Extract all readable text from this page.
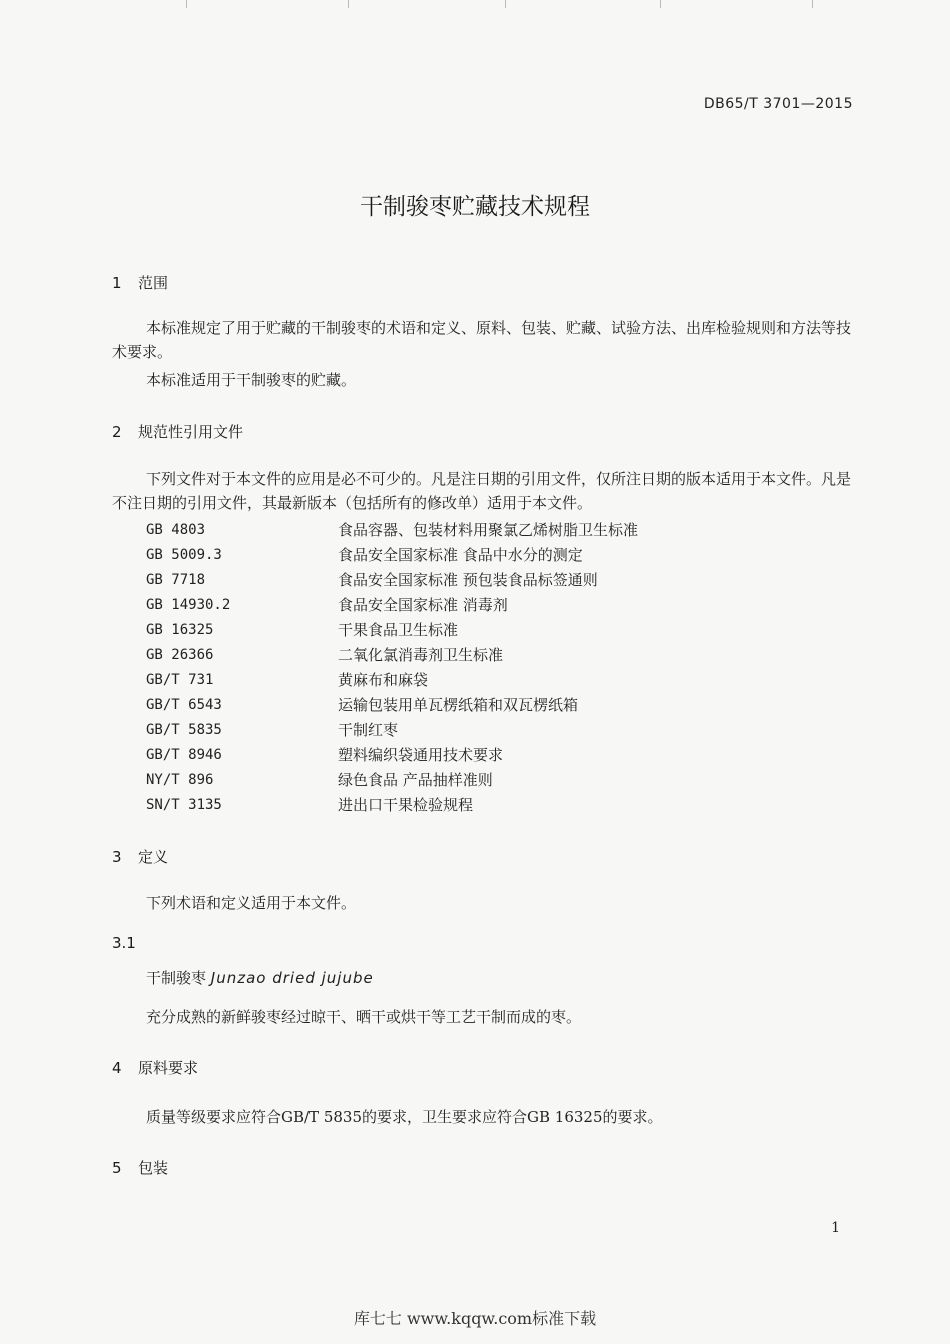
DB65/T 3701—2015
干制骏枣贮藏技术规程
1 范围

本标准规定了用于贮藏的干制骏枣的术语和定义、原料、包装、贮藏、试验方法、出库检验规则和方法等技术要求。

本标准适用于干制骏枣的贮藏。

2 规范性引用文件

下列文件对于本文件的应用是必不可少的。凡是注日期的引用文件，仅所注日期的版本适用于本文件。凡是不注日期的引用文件，其最新版本（包括所有的修改单）适用于本文件。

GB 4803	食品容器、包装材料用聚氯乙烯树脂卫生标准
GB 5009.3	食品安全国家标准 食品中水分的测定
GB 7718	食品安全国家标准 预包装食品标签通则
GB 14930.2	食品安全国家标准 消毒剂
GB 16325	干果食品卫生标准
GB 26366	二氧化氯消毒剂卫生标准
GB/T 731	黄麻布和麻袋
GB/T 6543	运输包装用单瓦楞纸箱和双瓦楞纸箱
GB/T 5835	干制红枣
GB/T 8946	塑料编织袋通用技术要求
NY/T 896	绿色食品 产品抽样准则
SN/T 3135	进出口干果检验规程
3 定义

下列术语和定义适用于本文件。

3.1
干制骏枣 Junzao dried jujube

充分成熟的新鲜骏枣经过晾干、晒干或烘干等工艺干制而成的枣。

4 原料要求

质量等级要求应符合GB/T 5835的要求，卫生要求应符合GB 16325的要求。

5 包装
1
库七七 www.kqqw.com标准下载
